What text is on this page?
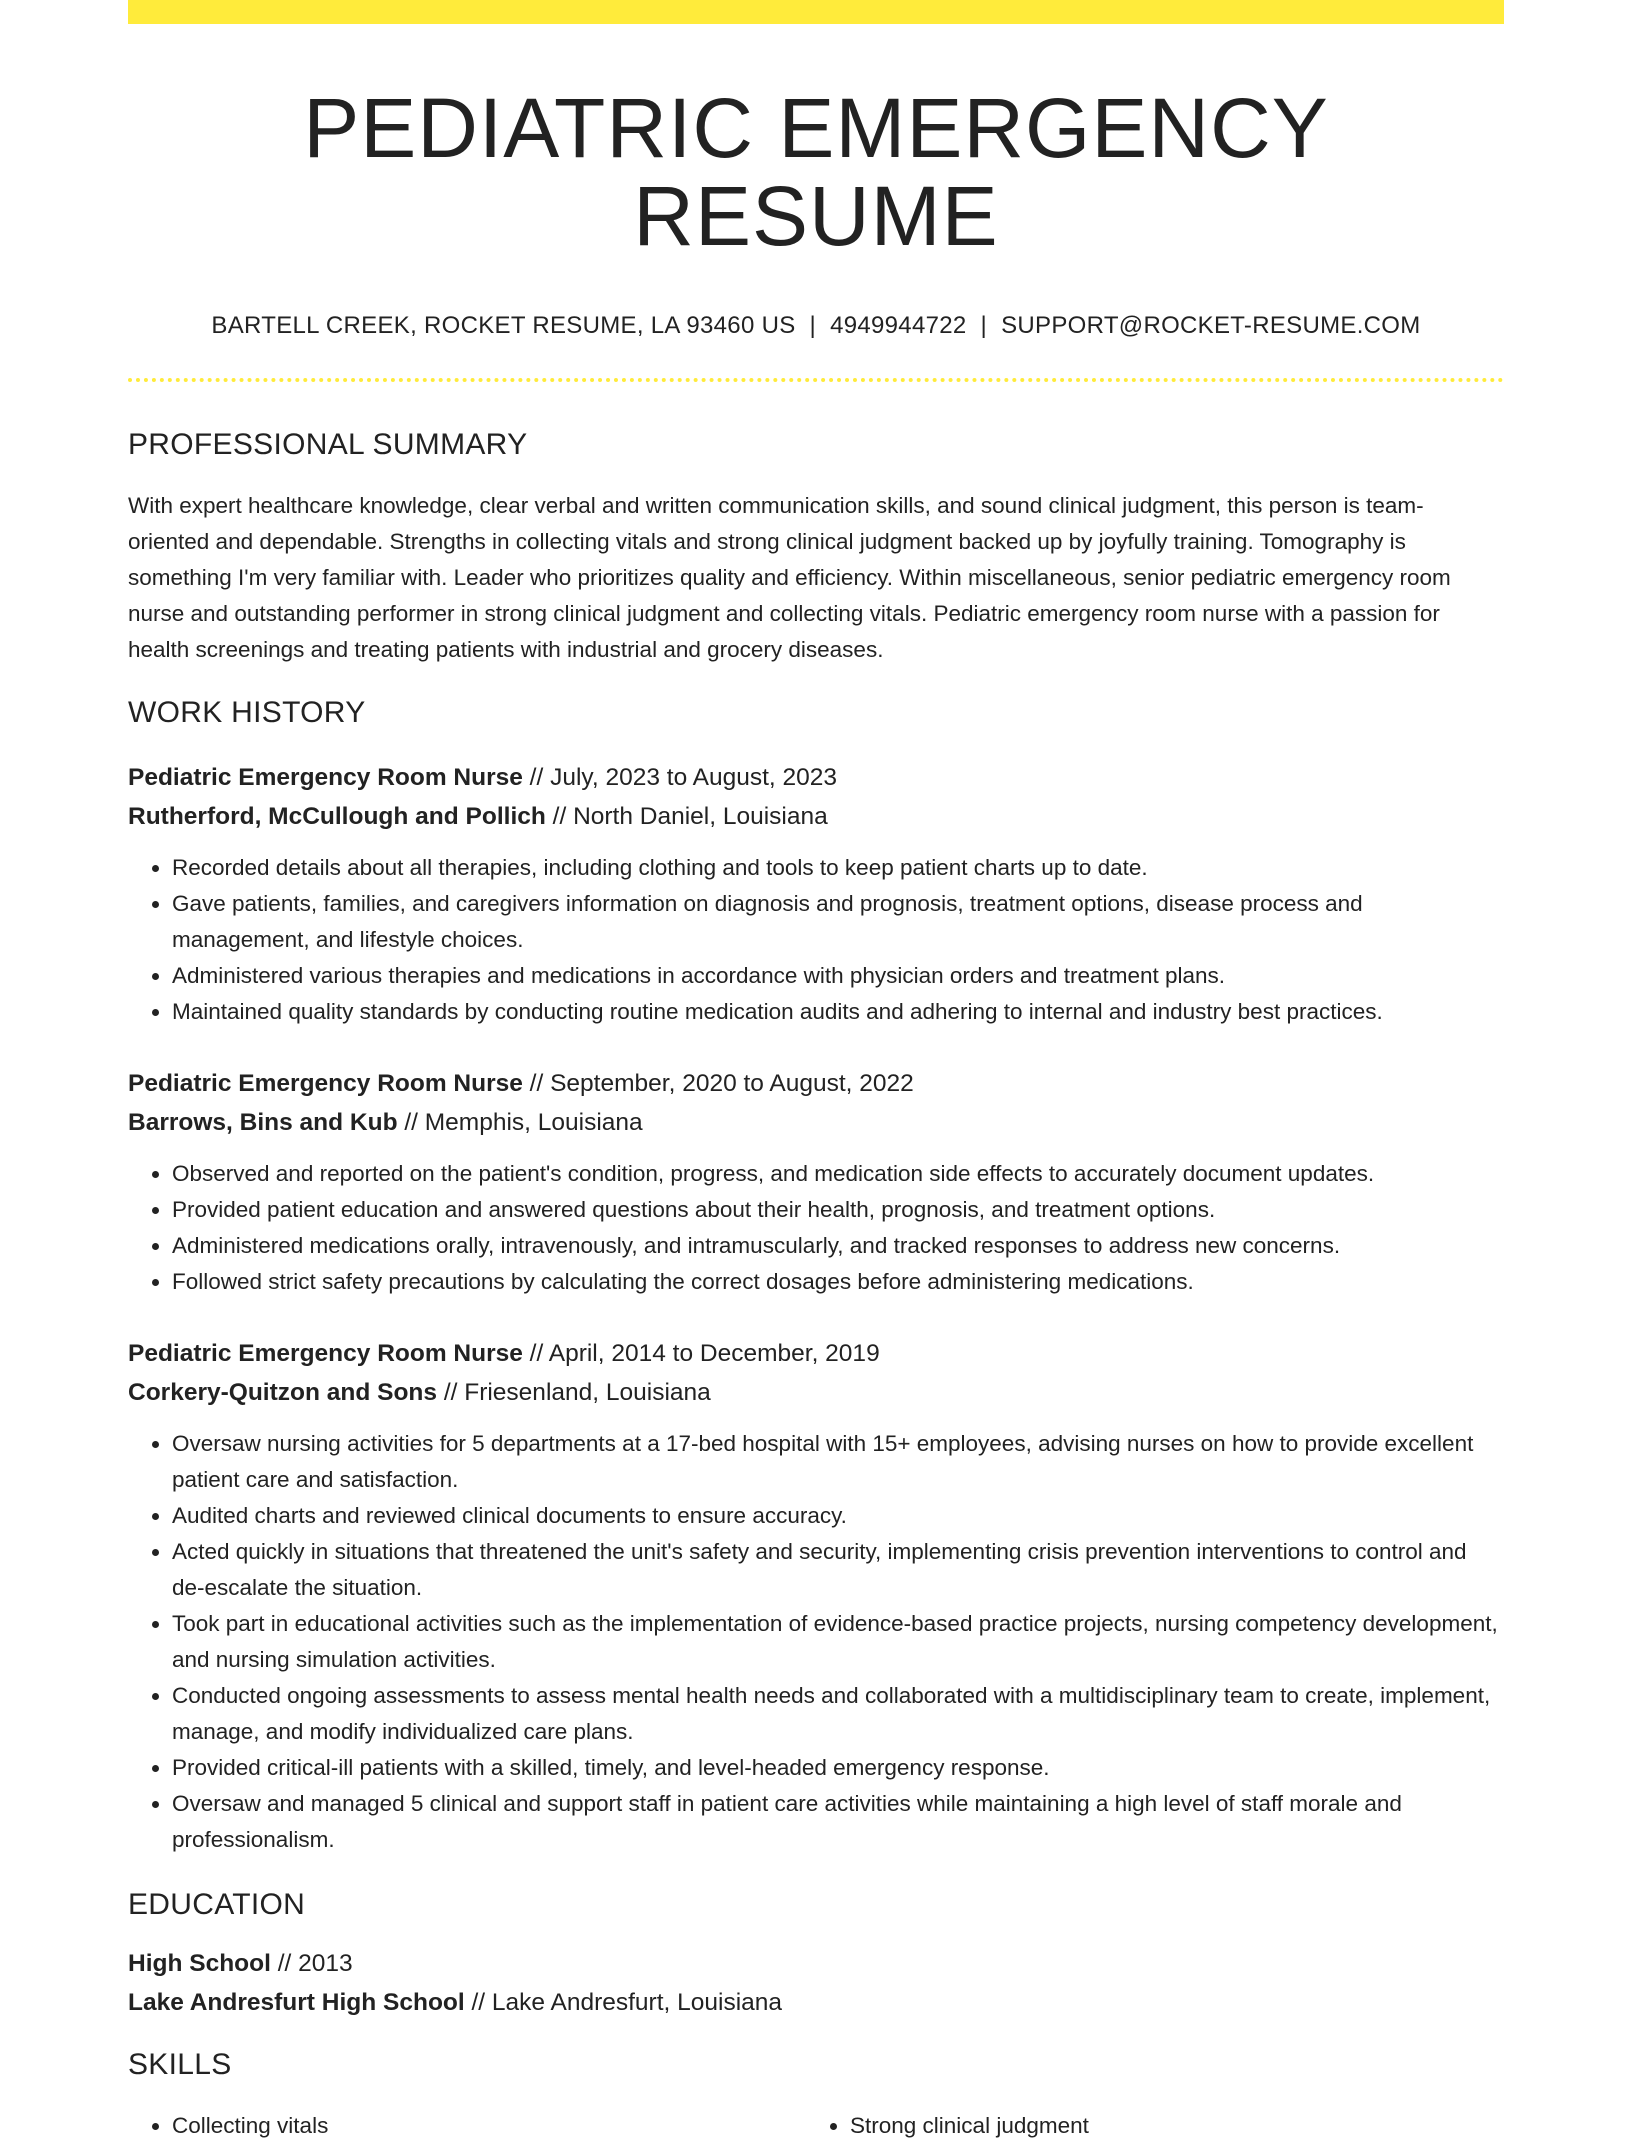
PEDIATRIC EMERGENCY RESUME
BARTELL CREEK, ROCKET RESUME, LA 93460 US | 4949944722 | SUPPORT@ROCKET-RESUME.COM
PROFESSIONAL SUMMARY

With expert healthcare knowledge, clear verbal and written communication skills, and sound clinical judgment, this person is team-oriented and dependable. Strengths in collecting vitals and strong clinical judgment backed up by joyfully training. Tomography is something I'm very familiar with. Leader who prioritizes quality and efficiency. Within miscellaneous, senior pediatric emergency room nurse and outstanding performer in strong clinical judgment and collecting vitals. Pediatric emergency room nurse with a passion for health screenings and treating patients with industrial and grocery diseases.

WORK HISTORY
Pediatric Emergency Room Nurse // July, 2023 to August, 2023
Rutherford, McCullough and Pollich // North Daniel, Louisiana
• Recorded details about all therapies, including clothing and tools to keep patient charts up to date.
• Gave patients, families, and caregivers information on diagnosis and prognosis, treatment options, disease process and management, and lifestyle choices.
• Administered various therapies and medications in accordance with physician orders and treatment plans.
• Maintained quality standards by conducting routine medication audits and adhering to internal and industry best practices.
Pediatric Emergency Room Nurse // September, 2020 to August, 2022
Barrows, Bins and Kub // Memphis, Louisiana
• Observed and reported on the patient's condition, progress, and medication side effects to accurately document updates.
• Provided patient education and answered questions about their health, prognosis, and treatment options.
• Administered medications orally, intravenously, and intramuscularly, and tracked responses to address new concerns.
• Followed strict safety precautions by calculating the correct dosages before administering medications.
Pediatric Emergency Room Nurse // April, 2014 to December, 2019
Corkery-Quitzon and Sons // Friesenland, Louisiana
• Oversaw nursing activities for 5 departments at a 17-bed hospital with 15+ employees, advising nurses on how to provide excellent patient care and satisfaction.
• Audited charts and reviewed clinical documents to ensure accuracy.
• Acted quickly in situations that threatened the unit's safety and security, implementing crisis prevention interventions to control and de-escalate the situation.
• Took part in educational activities such as the implementation of evidence-based practice projects, nursing competency development, and nursing simulation activities.
• Conducted ongoing assessments to assess mental health needs and collaborated with a multidisciplinary team to create, implement, manage, and modify individualized care plans.
• Provided critical-ill patients with a skilled, timely, and level-headed emergency response.
• Oversaw and managed 5 clinical and support staff in patient care activities while maintaining a high level of staff morale and professionalism.
EDUCATION
High School // 2013
Lake Andresfurt High School // Lake Andresfurt, Louisiana
SKILLS
• Collecting vitals
•	Strong clinical judgment
